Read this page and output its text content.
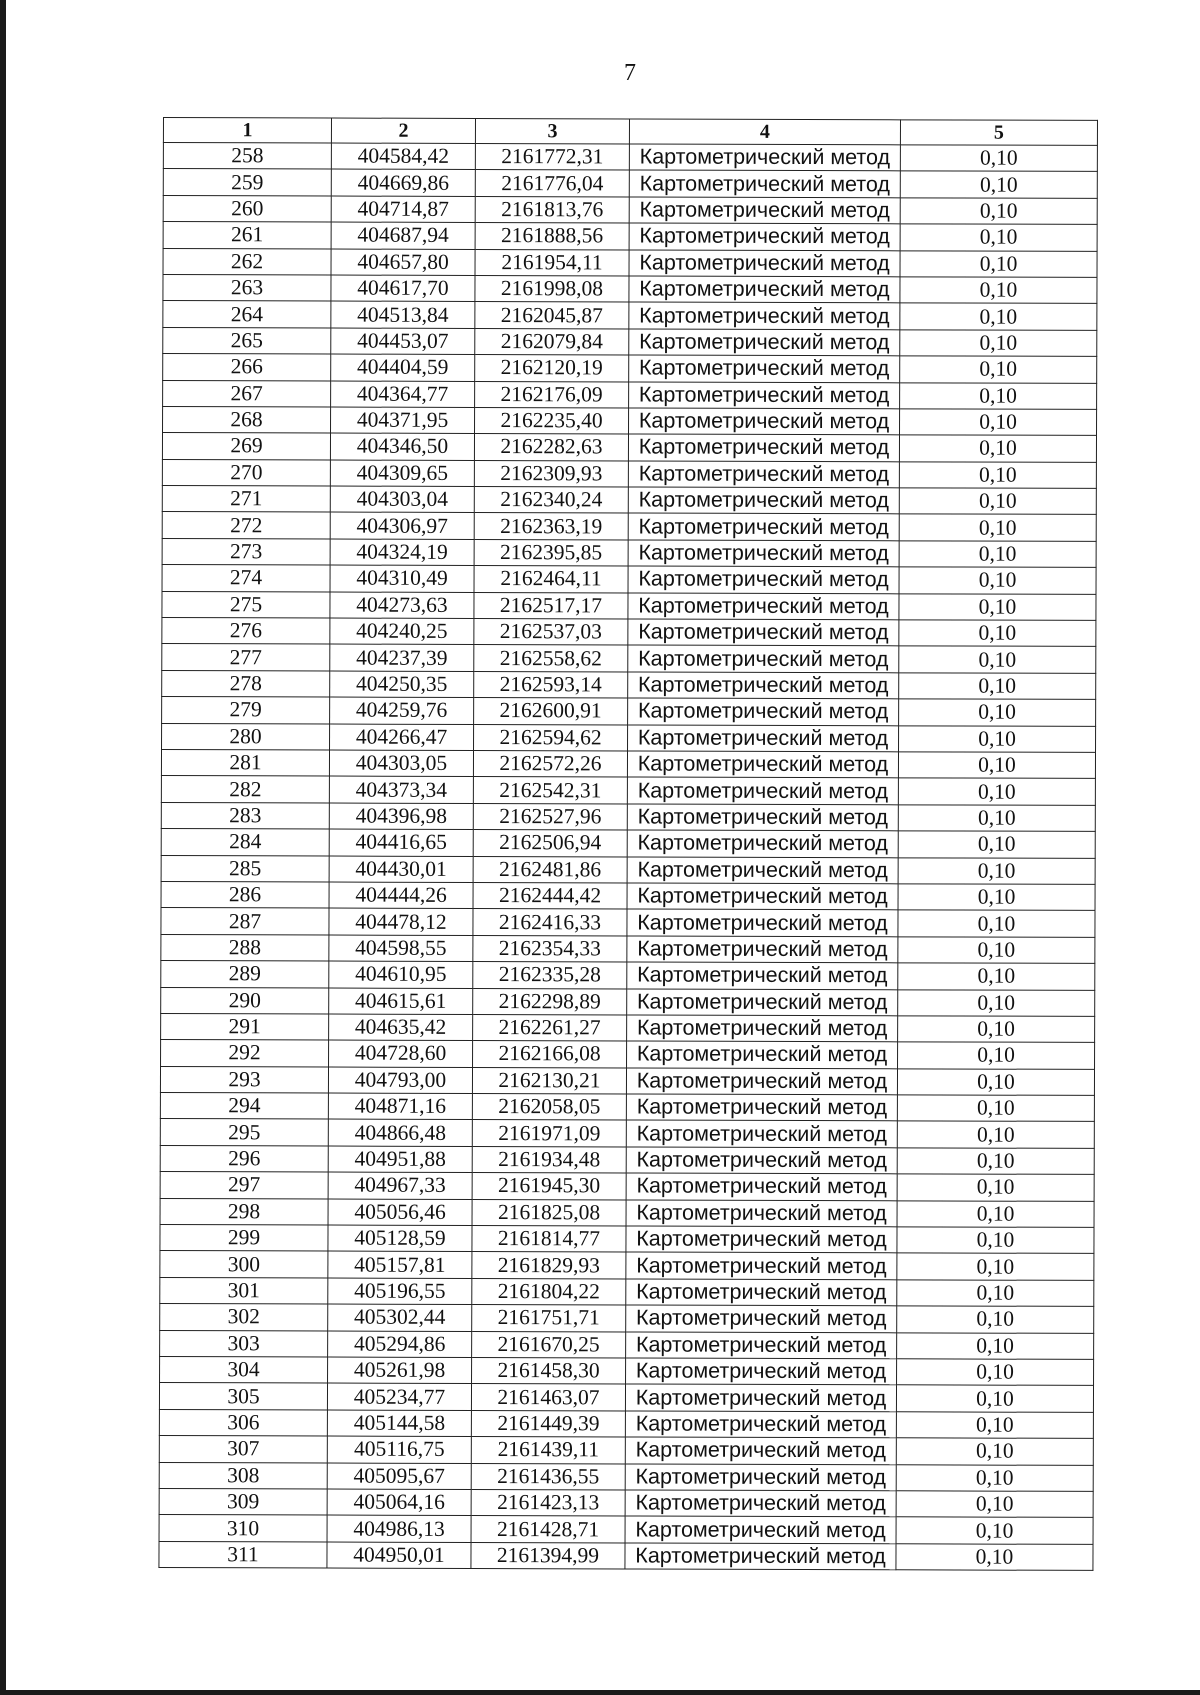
7
1	2	3	4	5
258	404584,42	2161772,31	Картометрический метод	0,10
259	404669,86	2161776,04	Картометрический метод	0,10
260	404714,87	2161813,76	Картометрический метод	0,10
261	404687,94	2161888,56	Картометрический метод	0,10
262	404657,80	2161954,11	Картометрический метод	0,10
263	404617,70	2161998,08	Картометрический метод	0,10
264	404513,84	2162045,87	Картометрический метод	0,10
265	404453,07	2162079,84	Картометрический метод	0,10
266	404404,59	2162120,19	Картометрический метод	0,10
267	404364,77	2162176,09	Картометрический метод	0,10
268	404371,95	2162235,40	Картометрический метод	0,10
269	404346,50	2162282,63	Картометрический метод	0,10
270	404309,65	2162309,93	Картометрический метод	0,10
271	404303,04	2162340,24	Картометрический метод	0,10
272	404306,97	2162363,19	Картометрический метод	0,10
273	404324,19	2162395,85	Картометрический метод	0,10
274	404310,49	2162464,11	Картометрический метод	0,10
275	404273,63	2162517,17	Картометрический метод	0,10
276	404240,25	2162537,03	Картометрический метод	0,10
277	404237,39	2162558,62	Картометрический метод	0,10
278	404250,35	2162593,14	Картометрический метод	0,10
279	404259,76	2162600,91	Картометрический метод	0,10
280	404266,47	2162594,62	Картометрический метод	0,10
281	404303,05	2162572,26	Картометрический метод	0,10
282	404373,34	2162542,31	Картометрический метод	0,10
283	404396,98	2162527,96	Картометрический метод	0,10
284	404416,65	2162506,94	Картометрический метод	0,10
285	404430,01	2162481,86	Картометрический метод	0,10
286	404444,26	2162444,42	Картометрический метод	0,10
287	404478,12	2162416,33	Картометрический метод	0,10
288	404598,55	2162354,33	Картометрический метод	0,10
289	404610,95	2162335,28	Картометрический метод	0,10
290	404615,61	2162298,89	Картометрический метод	0,10
291	404635,42	2162261,27	Картометрический метод	0,10
292	404728,60	2162166,08	Картометрический метод	0,10
293	404793,00	2162130,21	Картометрический метод	0,10
294	404871,16	2162058,05	Картометрический метод	0,10
295	404866,48	2161971,09	Картометрический метод	0,10
296	404951,88	2161934,48	Картометрический метод	0,10
297	404967,33	2161945,30	Картометрический метод	0,10
298	405056,46	2161825,08	Картометрический метод	0,10
299	405128,59	2161814,77	Картометрический метод	0,10
300	405157,81	2161829,93	Картометрический метод	0,10
301	405196,55	2161804,22	Картометрический метод	0,10
302	405302,44	2161751,71	Картометрический метод	0,10
303	405294,86	2161670,25	Картометрический метод	0,10
304	405261,98	2161458,30	Картометрический метод	0,10
305	405234,77	2161463,07	Картометрический метод	0,10
306	405144,58	2161449,39	Картометрический метод	0,10
307	405116,75	2161439,11	Картометрический метод	0,10
308	405095,67	2161436,55	Картометрический метод	0,10
309	405064,16	2161423,13	Картометрический метод	0,10
310	404986,13	2161428,71	Картометрический метод	0,10
311	404950,01	2161394,99	Картометрический метод	0,10
